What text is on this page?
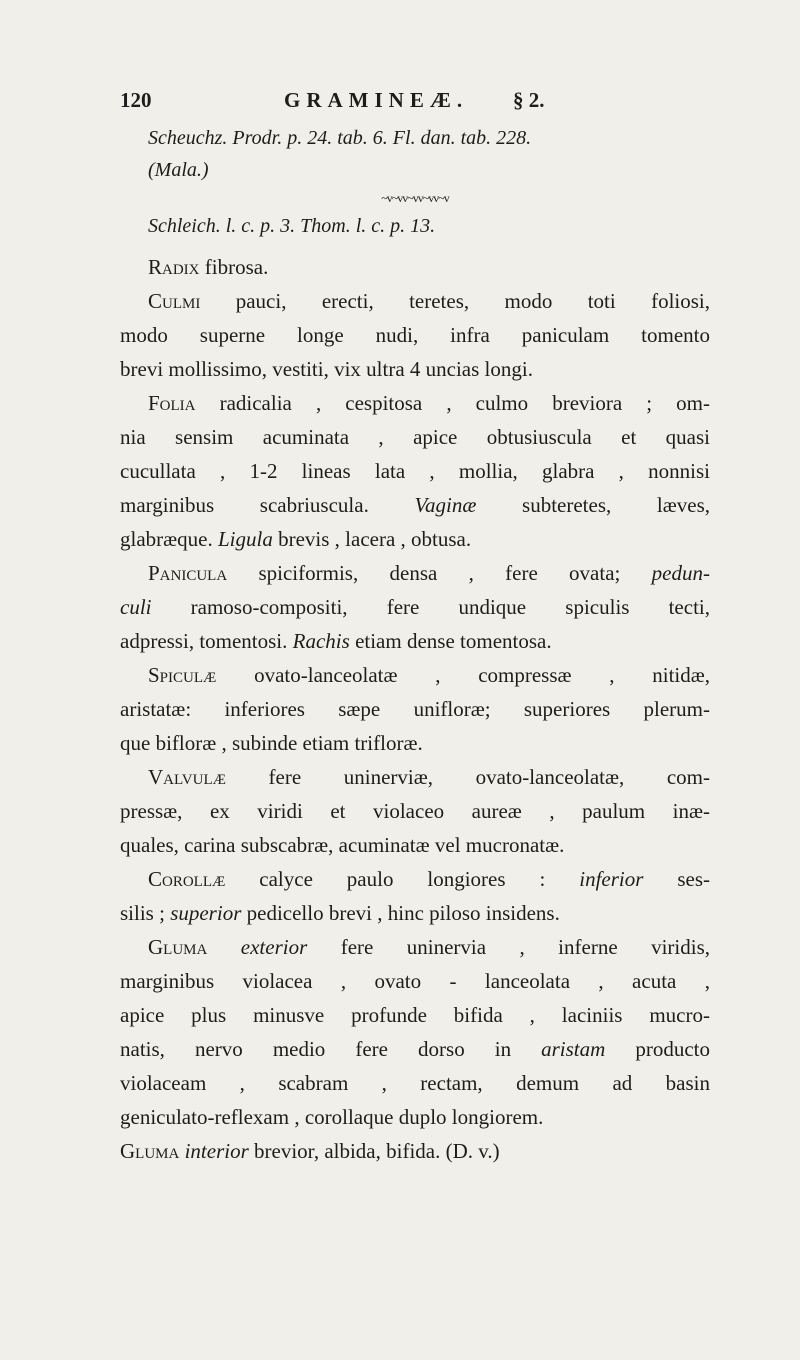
120	GRAMINEÆ. § 2.
Scheuchz. Prodr. p. 24. tab. 6. Fl. dan. tab. 228.
(Mala.)
~v~vv~vv~vv~v
Schleich. l. c. p. 3. Thom. l. c. p. 13.
Radix fibrosa.
Culmi pauci, erecti, teretes, modo toti foliosi,
modo superne longe nudi, infra paniculam tomento
brevi mollissimo, vestiti, vix ultra 4 uncias longi.
Folia radicalia , cespitosa , culmo breviora ; om-
nia sensim acuminata , apice obtusiuscula et quasi
cucullata , 1-2 lineas lata , mollia, glabra , nonnisi
marginibus scabriuscula. Vaginæ subteretes, læves,
glabræque. Ligula brevis , lacera , obtusa.
Panicula spiciformis, densa , fere ovata; pedun-
culi ramoso-compositi, fere undique spiculis tecti,
adpressi, tomentosi. Rachis etiam dense tomentosa.
Spiculæ ovato-lanceolatæ , compressæ , nitidæ,
aristatæ: inferiores sæpe unifloræ; superiores plerum-
que bifloræ , subinde etiam trifloræ.
Valvulæ fere uninerviæ, ovato-lanceolatæ, com-
pressæ, ex viridi et violaceo aureæ , paulum inæ-
quales, carina subscabræ, acuminatæ vel mucronatæ.
Corollæ calyce paulo longiores : inferior ses-
silis ; superior pedicello brevi , hinc piloso insidens.
Gluma exterior fere uninervia , inferne viridis,
marginibus violacea , ovato - lanceolata , acuta ,
apice plus minusve profunde bifida , laciniis mucro-
natis, nervo medio fere dorso in aristam producto
violaceam , scabram , rectam, demum ad basin
geniculato-reflexam , corollaque duplo longiorem.
Gluma interior brevior, albida, bifida. (D. v.)
